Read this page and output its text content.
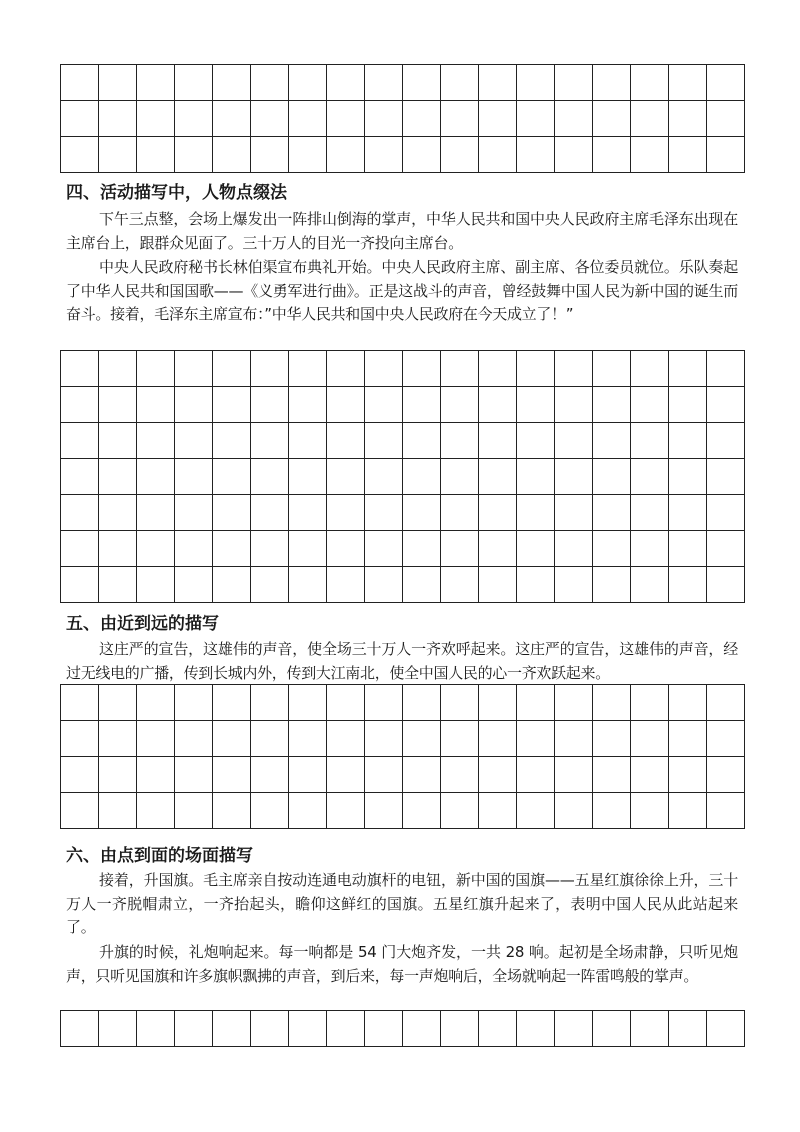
四、活动描写中，人物点缀法

下午三点整，会场上爆发出一阵排山倒海的掌声，中华人民共和国中央人民政府主席毛泽东出现在主席台上，跟群众见面了。三十万人的目光一齐投向主席台。

中央人民政府秘书长林伯渠宣布典礼开始。中央人民政府主席、副主席、各位委员就位。乐队奏起了中华人民共和国国歌——《义勇军进行曲》。正是这战斗的声音，曾经鼓舞中国人民为新中国的诞生而奋斗。接着，毛泽东主席宣布：”中华人民共和国中央人民政府在今天成立了！”

五、由近到远的描写

这庄严的宣告，这雄伟的声音，使全场三十万人一齐欢呼起来。这庄严的宣告，这雄伟的声音，经过无线电的广播，传到长城内外，传到大江南北，使全中国人民的心一齐欢跃起来。

六、由点到面的场面描写

接着，升国旗。毛主席亲自按动连通电动旗杆的电钮，新中国的国旗——五星红旗徐徐上升，三十万人一齐脱帽肃立，一齐抬起头，瞻仰这鲜红的国旗。五星红旗升起来了，表明中国人民从此站起来了。

升旗的时候，礼炮响起来。每一响都是 54 门大炮齐发，一共 28 响。起初是全场肃静，只听见炮声，只听见国旗和许多旗帜飘拂的声音，到后来，每一声炮响后，全场就响起一阵雷鸣般的掌声。
